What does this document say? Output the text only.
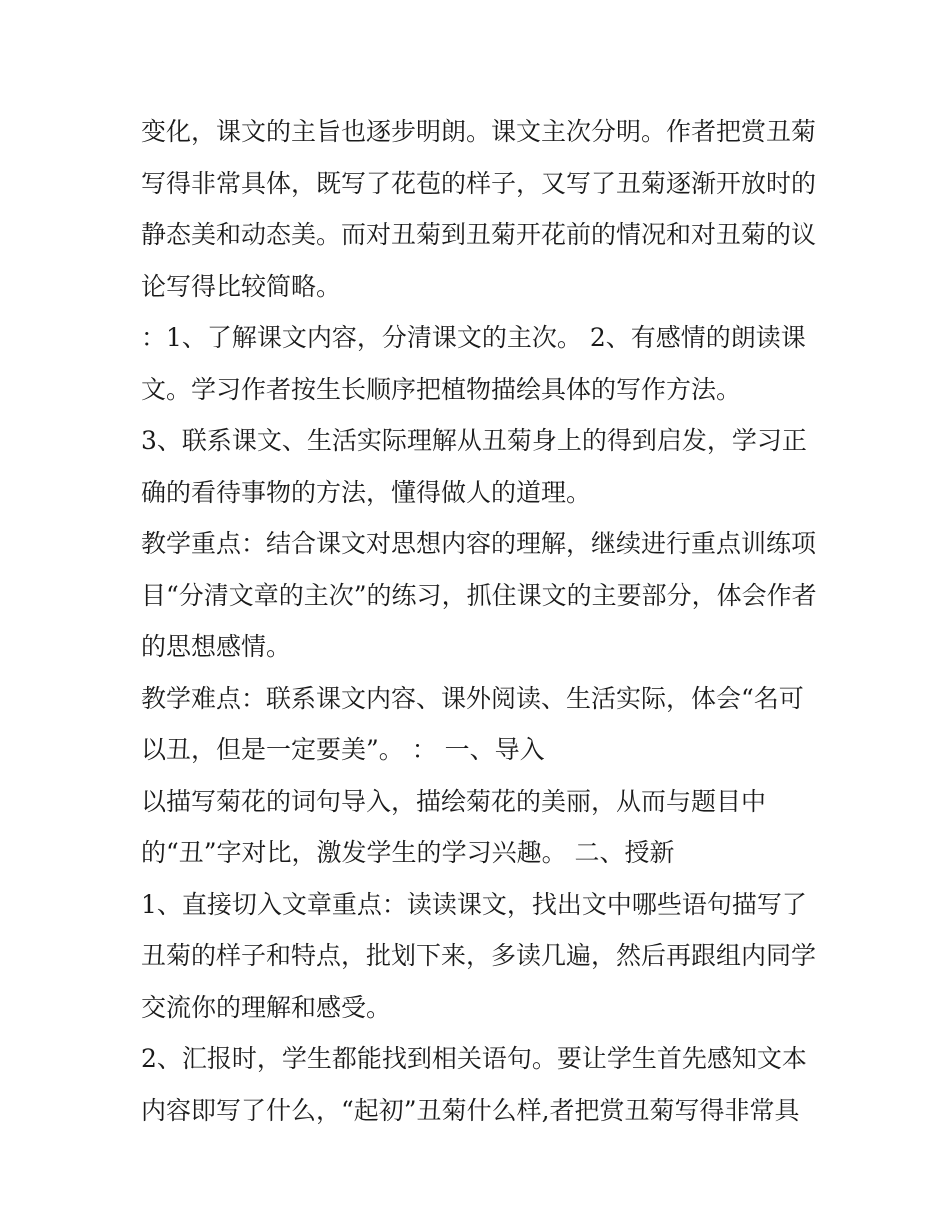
变化，课文的主旨也逐步明朗。课文主次分明。作者把赏丑菊
写得非常具体，既写了花苞的样子，又写了丑菊逐渐开放时的
静态美和动态美。而对丑菊到丑菊开花前的情况和对丑菊的议
论写得比较简略。
：1、了解课文内容，分清课文的主次。 2、有感情的朗读课
文。学习作者按生长顺序把植物描绘具体的写作方法。
3、联系课文、生活实际理解从丑菊身上的得到启发，学习正
确的看待事物的方法，懂得做人的道理。
教学重点：结合课文对思想内容的理解，继续进行重点训练项
目“分清文章的主次”的练习，抓住课文的主要部分，体会作者
的思想感情。
教学难点：联系课文内容、课外阅读、生活实际，体会“名可
以丑，但是一定要美”。 ： 一、导入
以描写菊花的词句导入，描绘菊花的美丽，从而与题目中
的“丑”字对比，激发学生的学习兴趣。 二、授新
1、直接切入文章重点：读读课文，找出文中哪些语句描写了
丑菊的样子和特点，批划下来，多读几遍，然后再跟组内同学
交流你的理解和感受。
2、汇报时，学生都能找到相关语句。要让学生首先感知文本
内容即写了什么，“起初”丑菊什么样,者把赏丑菊写得非常具
